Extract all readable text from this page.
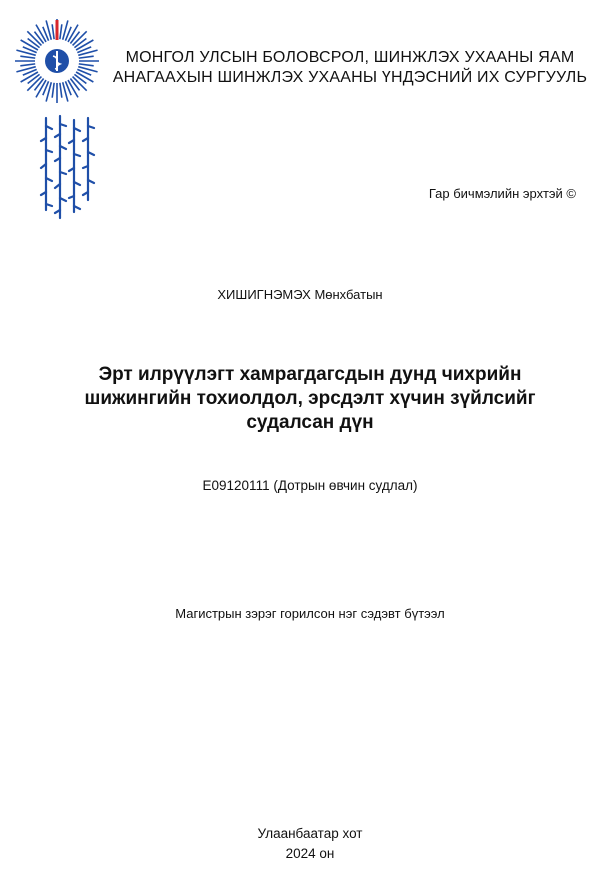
МОНГОЛ УЛСЫН БОЛОВСРОЛ, ШИНЖЛЭХ УХААНЫ ЯАМ
АНАГААХЫН ШИНЖЛЭХ УХААНЫ ҮНДЭСНИЙ ИХ СУРГУУЛЬ
Гар бичмэлийн эрхтэй ©
ХИШИГНЭМЭХ Мөнхбатын
Эрт илрүүлэгт хамрагдагсдын дунд чихрийн
шижингийн тохиолдол, эрсдэлт хүчин зүйлсийг
судалсан дүн
E09120111 (Дотрын өвчин судлал)
Магистрын зэрэг горилсон нэг сэдэвт бүтээл
Улаанбаатар хот
2024 он
